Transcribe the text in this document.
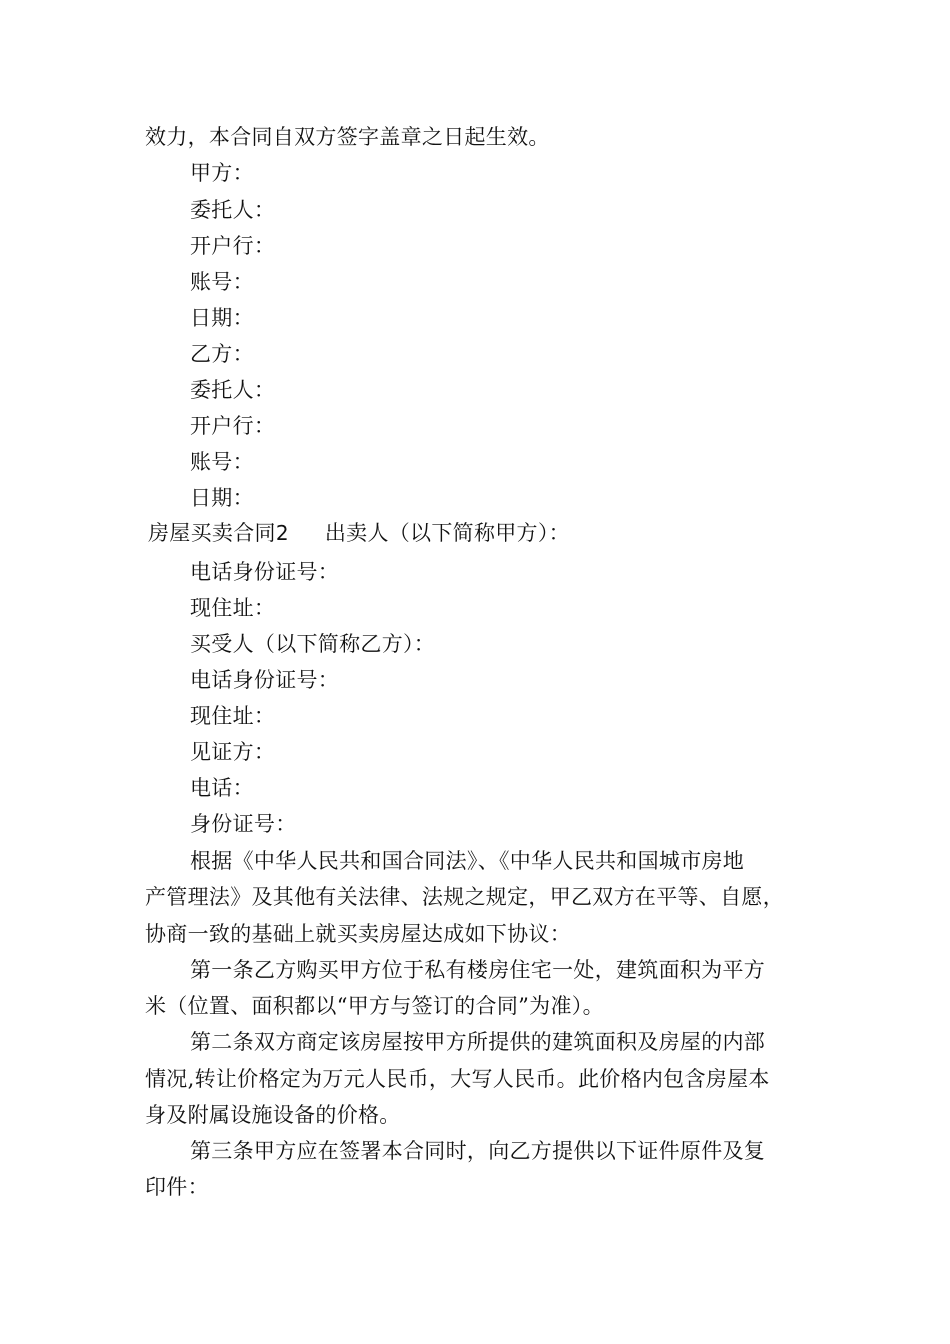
效力，本合同自双方签字盖章之日起生效。
甲方：
委托人：
开户行：
账号：
日期：
乙方：
委托人：
开户行：
账号：
日期：
房屋买卖合同2 出卖人（以下简称甲方）：
电话身份证号：
现住址：
买受人（以下简称乙方）：
电话身份证号：
现住址：
见证方：
电话：
身份证号：
根据《中华人民共和国合同法》、《中华人民共和国城市房地
产管理法》及其他有关法律、法规之规定，甲乙双方在平等、自愿，
协商一致的基础上就买卖房屋达成如下协议：
第一条乙方购买甲方位于私有楼房住宅一处，建筑面积为平方
米（位置、面积都以“甲方与签订的合同”为准）。
第二条双方商定该房屋按甲方所提供的建筑面积及房屋的内部
情况,转让价格定为万元人民币，大写人民币。此价格内包含房屋本
身及附属设施设备的价格。
第三条甲方应在签署本合同时，向乙方提供以下证件原件及复
印件：
